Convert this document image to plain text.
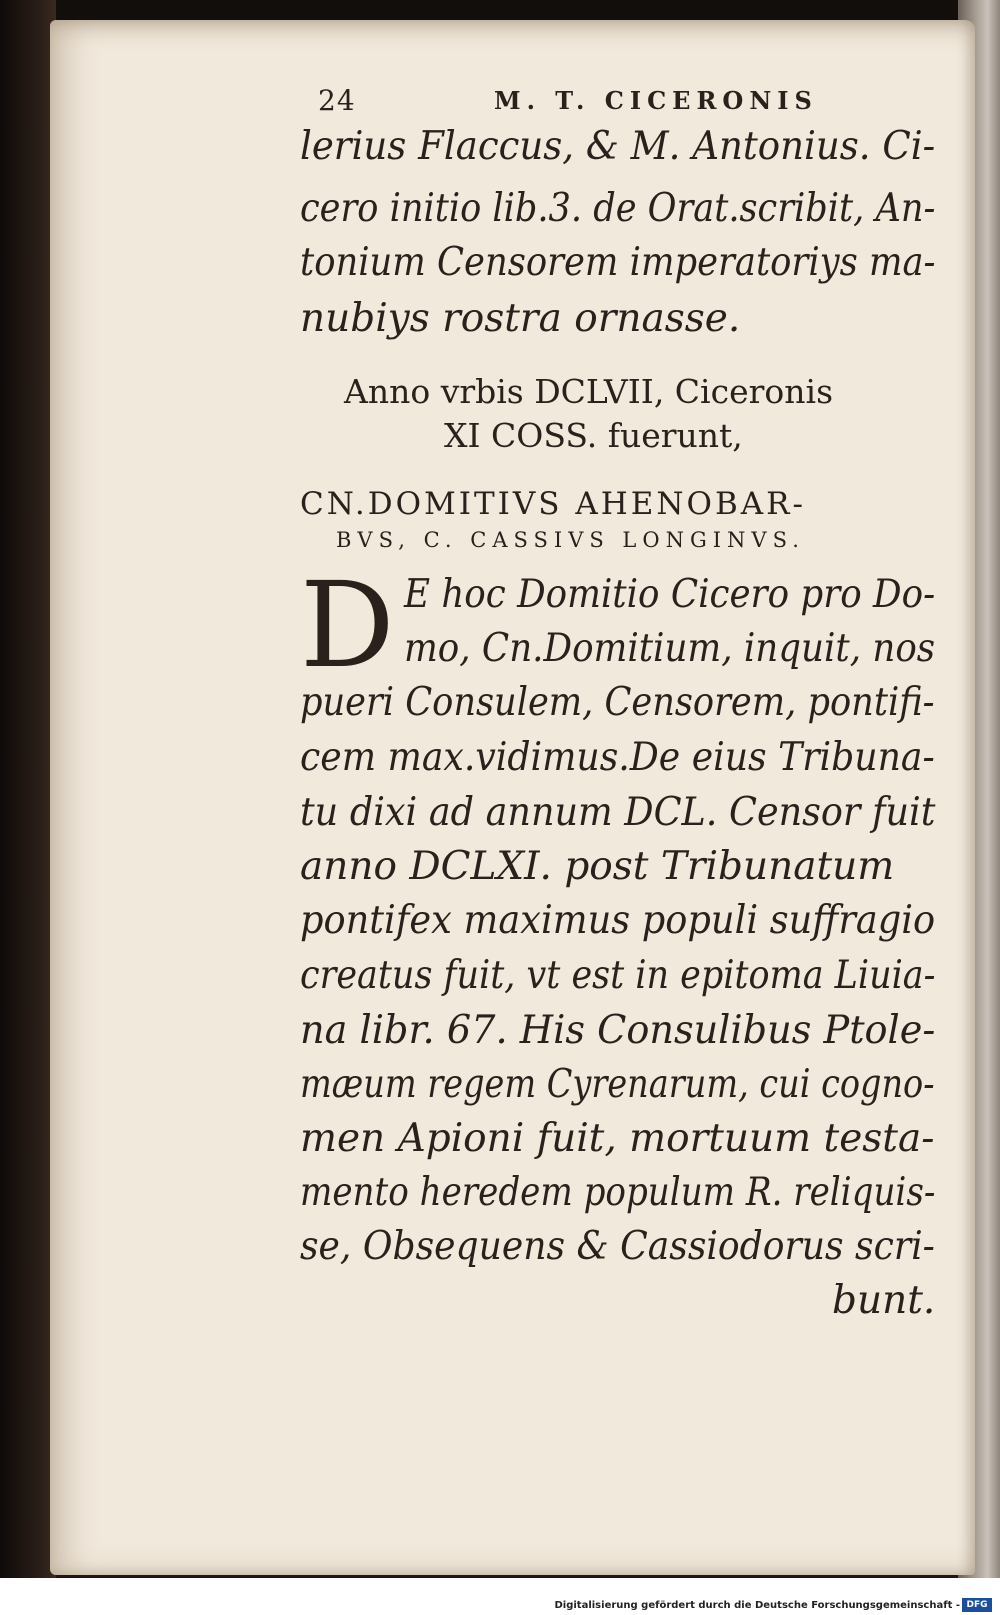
24	M. T. CICERONIS
lerius Flaccus, & M. Antonius. Ci-
cero initio lib.3. de Orat.scribit, An-
tonium Censorem imperatoriys ma-
nubiys rostra ornasse.
Anno vrbis DCLVII, Ciceronis
XI COSS. fuerunt,
CN.DOMITIVS AHENOBAR-
BVS, C. CASSIVS LONGINVS.
D E hoc Domitio Cicero pro Do-
mo, Cn.Domitium, inquit, nos
pueri Consulem, Censorem, pontifi-
cem max.vidimus.De eius Tribuna-
tu dixi ad annum DCL. Censor fuit
anno DCLXI. post Tribunatum
pontifex maximus populi suffragio
creatus fuit, vt est in epitoma Liuia-
na libr. 67. His Consulibus Ptole-
mæum regem Cyrenarum, cui cogno-
men Apioni fuit, mortuum testa-
mento heredem populum R. reliquis-
se, Obsequens & Cassiodorus scri-
bunt.
Digitalisierung gefördert durch die Deutsche Forschungsgemeinschaft - DFG
